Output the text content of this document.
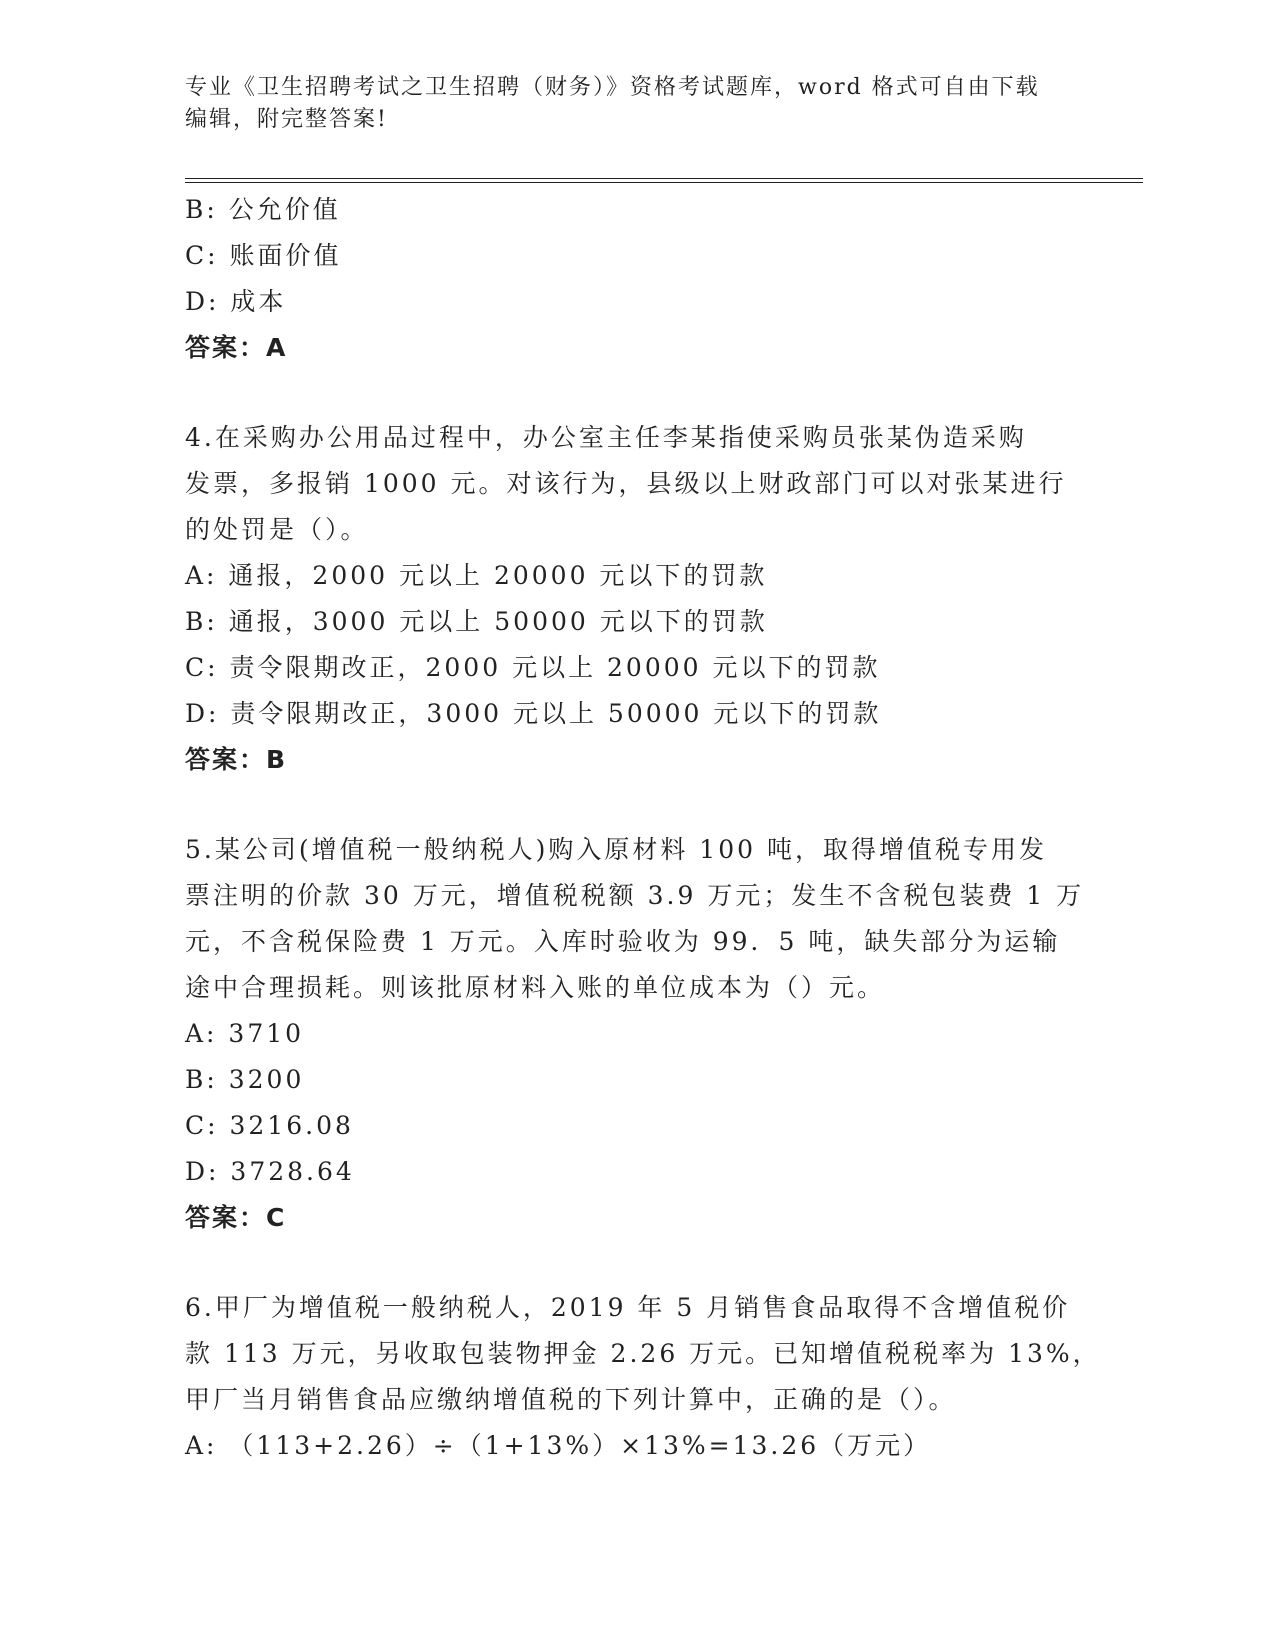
专业《卫生招聘考试之卫生招聘（财务）》资格考试题库，word 格式可自由下载
编辑，附完整答案!
B: 公允价值
C: 账面价值
D: 成本
答案：A
4.在采购办公用品过程中，办公室主任李某指使采购员张某伪造采购
发票，多报销 1000 元。对该行为，县级以上财政部门可以对张某进行
的处罚是（）。
A: 通报，2000 元以上 20000 元以下的罚款
B: 通报，3000 元以上 50000 元以下的罚款
C: 责令限期改正，2000 元以上 20000 元以下的罚款
D: 责令限期改正，3000 元以上 50000 元以下的罚款
答案：B
5.某公司(增值税一般纳税人)购入原材料 100 吨，取得增值税专用发
票注明的价款 30 万元，增值税税额 3.9 万元；发生不含税包装费 1 万
元，不含税保险费 1 万元。入库时验收为 99．5 吨，缺失部分为运输
途中合理损耗。则该批原材料入账的单位成本为（）元。
A: 3710
B: 3200
C: 3216.08
D: 3728.64
答案：C
6.甲厂为增值税一般纳税人，2019 年 5 月销售食品取得不含增值税价
款 113 万元，另收取包装物押金 2.26 万元。已知增值税税率为 13%，
甲厂当月销售食品应缴纳增值税的下列计算中，正确的是（）。
A: （113+2.26）÷（1+13%）×13%=13.26（万元）
